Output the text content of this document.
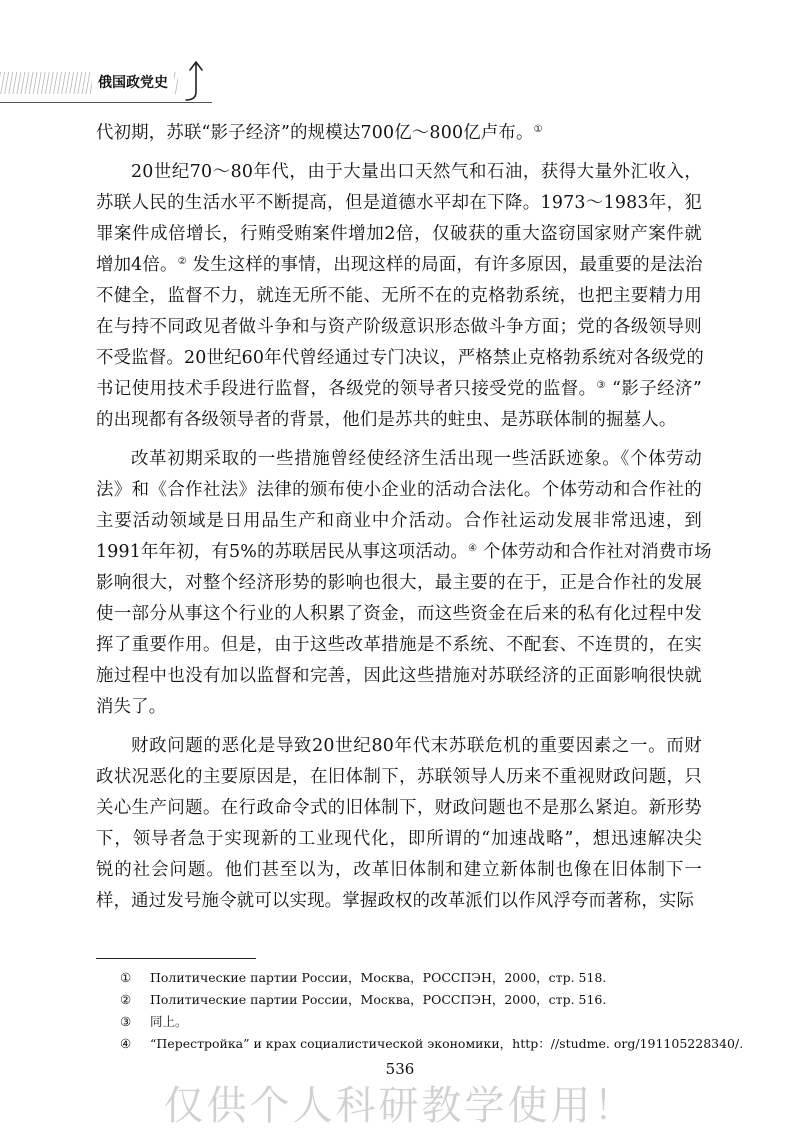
俄国政党史
代初期，苏联“影子经济”的规模达700亿～800亿卢布。①
20世纪70～80年代，由于大量出口天然气和石油，获得大量外汇收入，
苏联人民的生活水平不断提高，但是道德水平却在下降。1973～1983年，犯
罪案件成倍增长，行贿受贿案件增加2倍，仅破获的重大盗窃国家财产案件就
增加4倍。② 发生这样的事情，出现这样的局面，有许多原因，最重要的是法治
不健全，监督不力，就连无所不能、无所不在的克格勃系统，也把主要精力用
在与持不同政见者做斗争和与资产阶级意识形态做斗争方面；党的各级领导则
不受监督。20世纪60年代曾经通过专门决议，严格禁止克格勃系统对各级党的
书记使用技术手段进行监督，各级党的领导者只接受党的监督。③ “影子经济”
的出现都有各级领导者的背景，他们是苏共的蛀虫、是苏联体制的掘墓人。
改革初期采取的一些措施曾经使经济生活出现一些活跃迹象。《个体劳动
法》和《合作社法》法律的颁布使小企业的活动合法化。个体劳动和合作社的
主要活动领域是日用品生产和商业中介活动。合作社运动发展非常迅速，到
1991年年初，有5%的苏联居民从事这项活动。④ 个体劳动和合作社对消费市场
影响很大，对整个经济形势的影响也很大，最主要的在于，正是合作社的发展
使一部分从事这个行业的人积累了资金，而这些资金在后来的私有化过程中发
挥了重要作用。但是，由于这些改革措施是不系统、不配套、不连贯的，在实
施过程中也没有加以监督和完善，因此这些措施对苏联经济的正面影响很快就
消失了。
财政问题的恶化是导致20世纪80年代末苏联危机的重要因素之一。而财
政状况恶化的主要原因是，在旧体制下，苏联领导人历来不重视财政问题，只
关心生产问题。在行政命令式的旧体制下，财政问题也不是那么紧迫。新形势
下，领导者急于实现新的工业现代化，即所谓的“加速战略”，想迅速解决尖
锐的社会问题。他们甚至以为，改革旧体制和建立新体制也像在旧体制下一
样，通过发号施令就可以实现。掌握政权的改革派们以作风浮夸而著称，实际
① Политические партии России，Москва，РОССПЭН，2000，стр. 518.
② Политические партии России，Москва，РОССПЭН，2000，стр. 516.
③ 同上。
④ “Перестройка” и крах социалистической экономики，http：//studme. org/191105228340/.
536
仅供个人科研教学使用！
